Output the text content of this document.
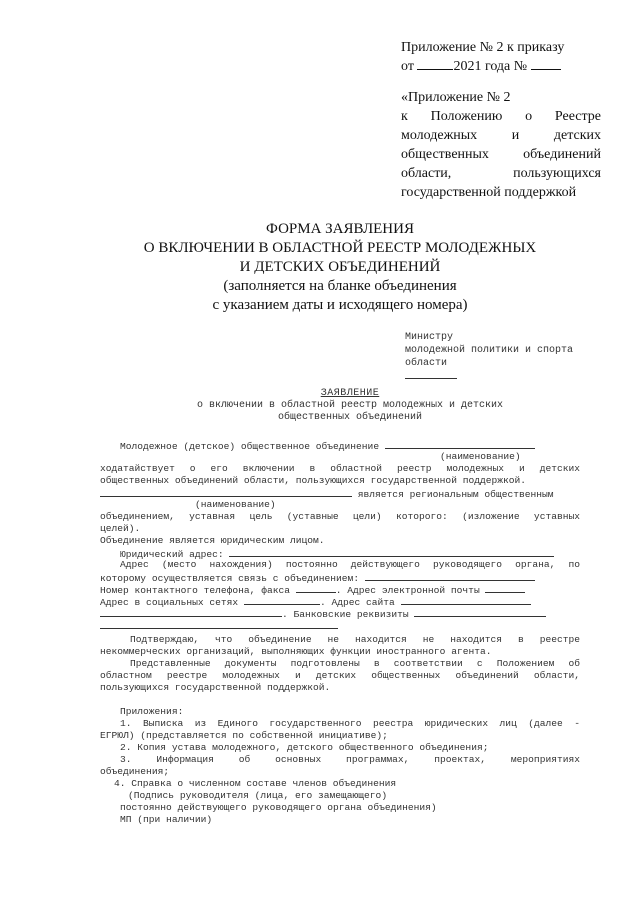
Приложение № 2 к приказу
от	2021 года №
«Приложение № 2
к Положению о Реестре
молодежных и детских
общественных объединений
области, пользующихся
государственной поддержкой
ФОРМА ЗАЯВЛЕНИЯ
О ВКЛЮЧЕНИИ В ОБЛАСТНОЙ РЕЕСТР МОЛОДЕЖНЫХ
И ДЕТСКИХ ОБЪЕДИНЕНИЙ
(заполняется на бланке объединения
с указанием даты и исходящего номера)
Министру
молодежной политики и спорта
области
ЗАЯВЛЕНИЕ
о включении в областной реестр молодежных и детских
общественных объединений
Молодежное (детское) общественное объединение
(наименование)
ходатайствует о его включении в областной реестр молодежных и детских
общественных объединений области, пользующихся государственной поддержкой.
является региональным общественным
(наименование)
объединением, уставная цель (уставные цели) которого: (изложение уставных
целей).
Объединение является юридическим лицом.
Юридический адрес:
Адрес (место нахождения) постоянно действующего руководящего органа, по
которому осуществляется связь с объединением:
Номер контактного телефона, факса	. Адрес электронной почты
Адрес в социальных сетях	. Адрес сайта
. Банковские реквизиты
Подтверждаю, что объединение не находится не находится в реестре
некоммерческих организаций, выполняющих функции иностранного агента.
Представленные документы подготовлены в соответствии с Положением об
областном реестре молодежных и детских общественных объединений области,
пользующихся государственной поддержкой.
Приложения:
1. Выписка из Единого государственного реестра юридических лиц (далее -
ЕГРЮЛ) (представляется по собственной инициативе);
2. Копия устава молодежного, детского общественного объединения;
3. Информация об основных программах, проектах, мероприятиях
объединения;
4. Справка о численном составе членов объединения
(Подпись руководителя (лица, его замещающего)
постоянно действующего руководящего органа объединения)
МП (при наличии)
